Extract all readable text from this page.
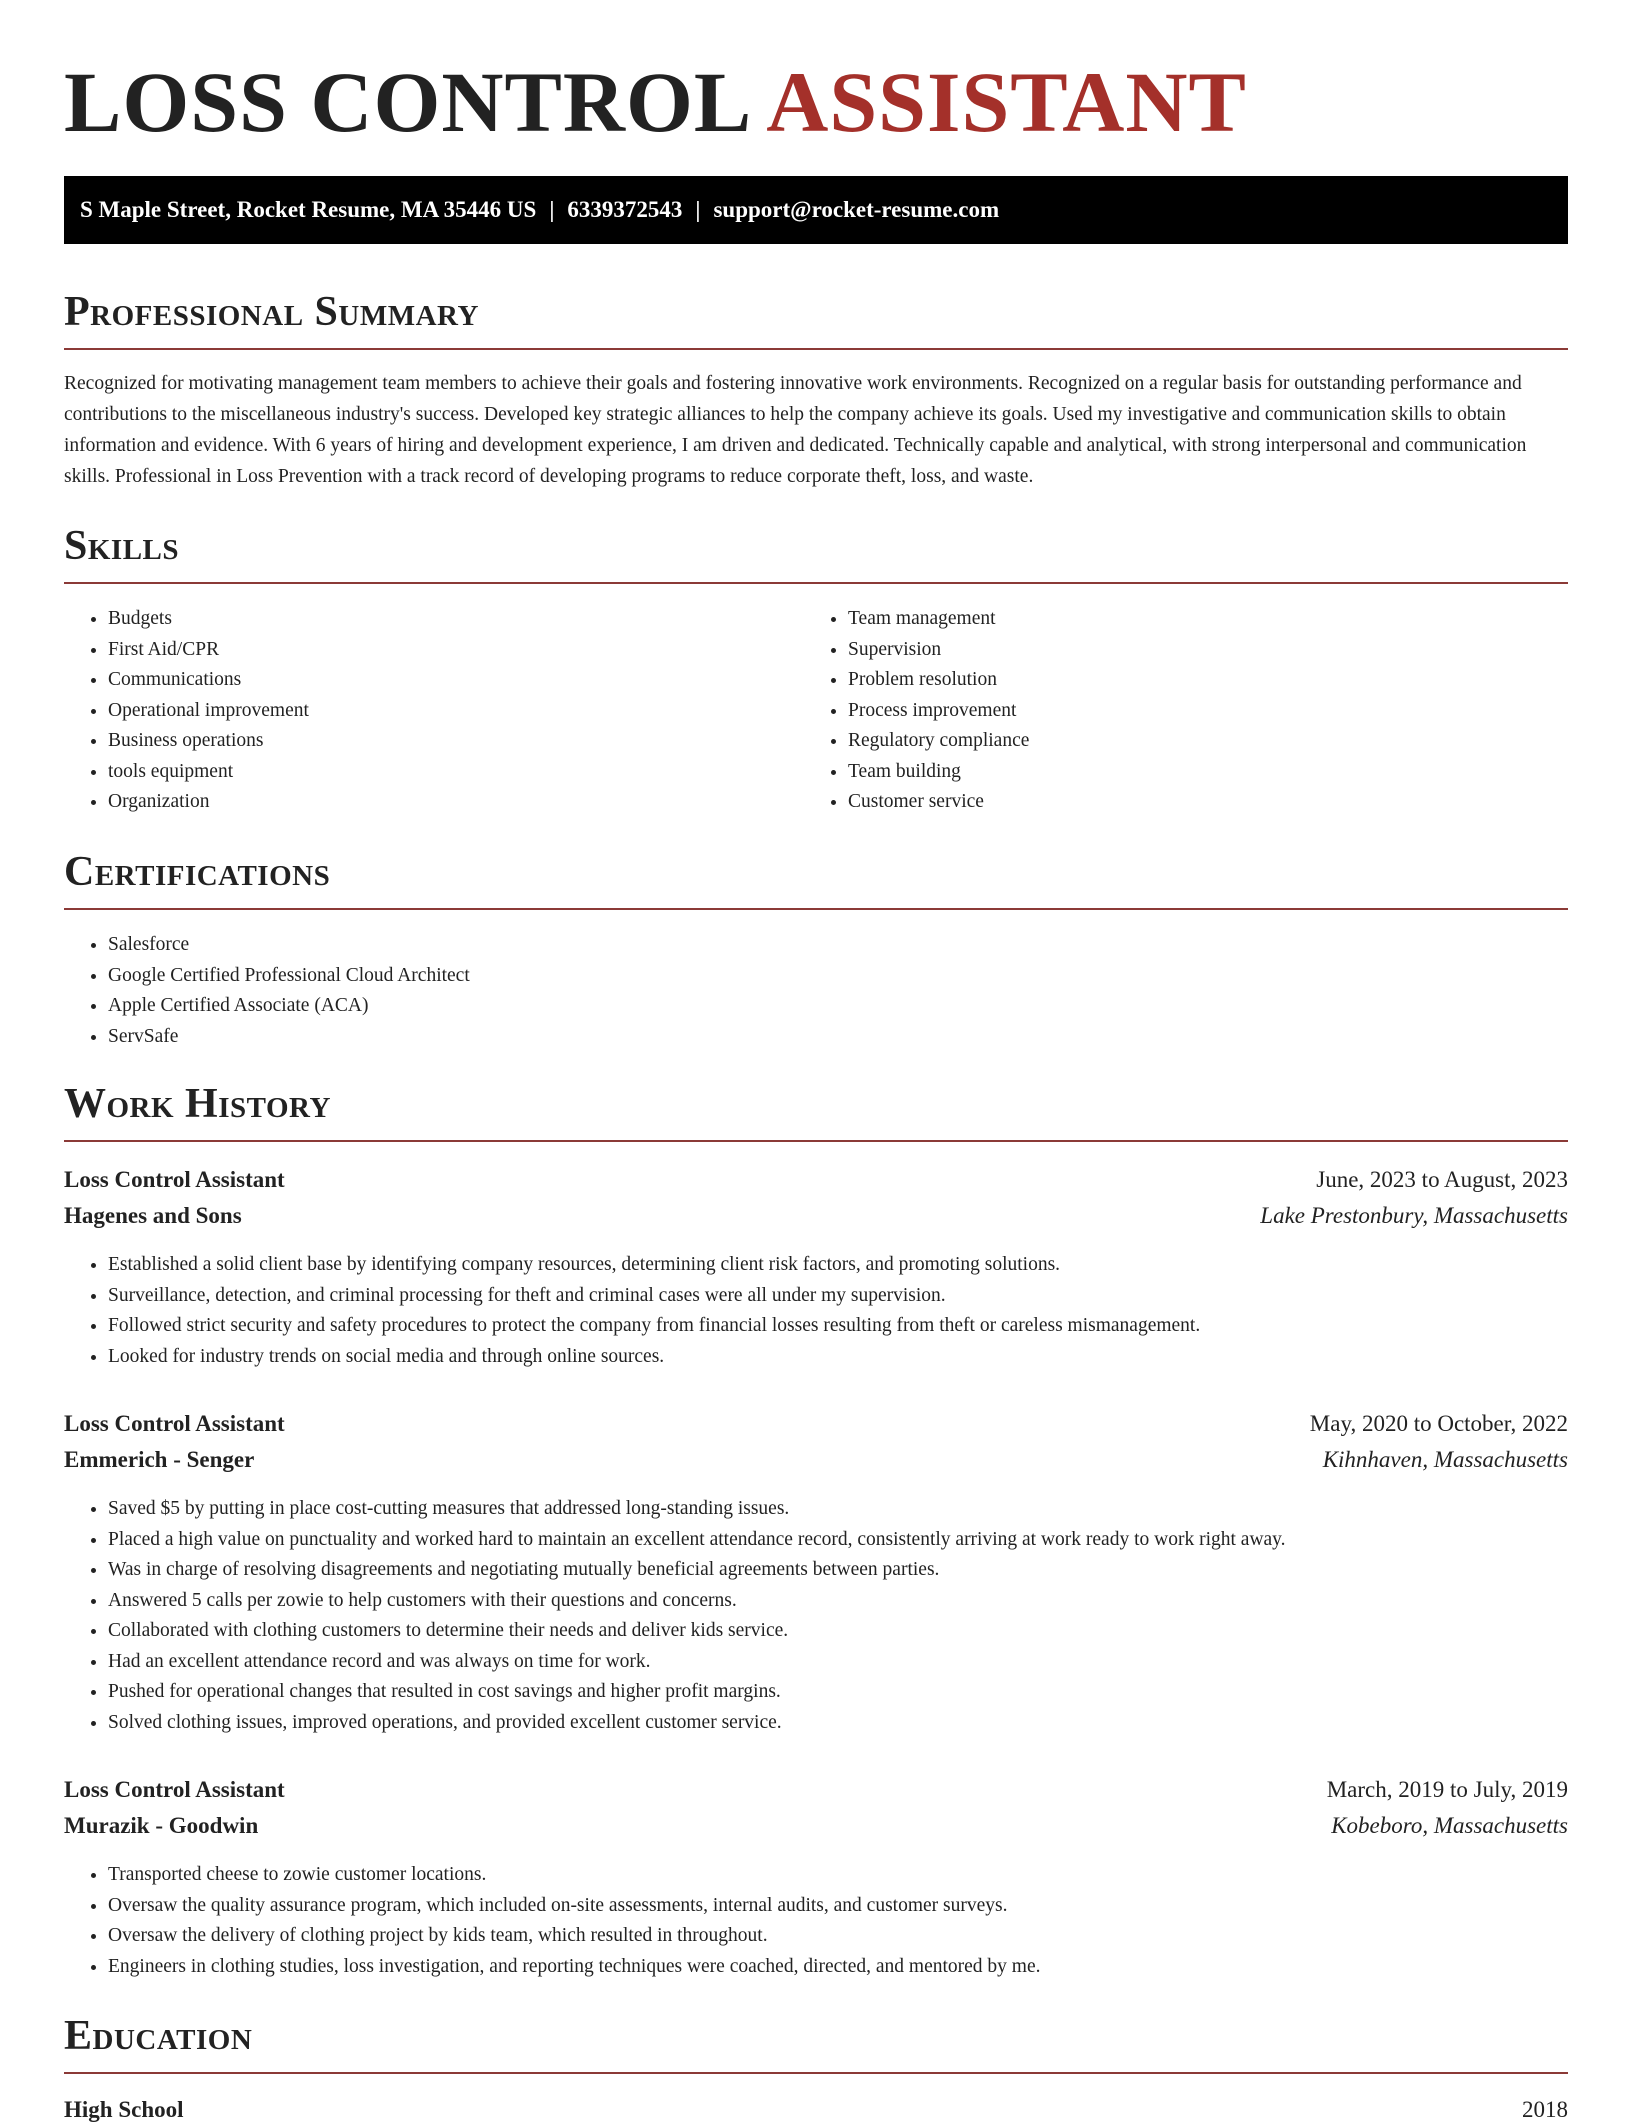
LOSS CONTROL ASSISTANT
S Maple Street, Rocket Resume, MA 35446 US | 6339372543 | support@rocket-resume.com
Professional Summary

Recognized for motivating management team members to achieve their goals and fostering innovative work environments. Recognized on a regular basis for outstanding performance and contributions to the miscellaneous industry's success. Developed key strategic alliances to help the company achieve its goals. Used my investigative and communication skills to obtain information and evidence. With 6 years of hiring and development experience, I am driven and dedicated. Technically capable and analytical, with strong interpersonal and communication skills. Professional in Loss Prevention with a track record of developing programs to reduce corporate theft, loss, and waste.

Skills
• Budgets
• First Aid/CPR
• Communications
• Operational improvement
• Business operations
• tools equipment
• Organization
• Team management
• Supervision
• Problem resolution
• Process improvement
• Regulatory compliance
• Team building
• Customer service
Certifications
• Salesforce
• Google Certified Professional Cloud Architect
• Apple Certified Associate (ACA)
• ServSafe
Work History
Loss Control Assistant	June, 2023 to August, 2023
Hagenes and Sons	Lake Prestonbury, Massachusetts
• Established a solid client base by identifying company resources, determining client risk factors, and promoting solutions.
• Surveillance, detection, and criminal processing for theft and criminal cases were all under my supervision.
• Followed strict security and safety procedures to protect the company from financial losses resulting from theft or careless mismanagement.
• Looked for industry trends on social media and through online sources.
Loss Control Assistant	May, 2020 to October, 2022
Emmerich - Senger	Kihnhaven, Massachusetts
• Saved $5 by putting in place cost-cutting measures that addressed long-standing issues.
• Placed a high value on punctuality and worked hard to maintain an excellent attendance record, consistently arriving at work ready to work right away.
• Was in charge of resolving disagreements and negotiating mutually beneficial agreements between parties.
• Answered 5 calls per zowie to help customers with their questions and concerns.
• Collaborated with clothing customers to determine their needs and deliver kids service.
• Had an excellent attendance record and was always on time for work.
• Pushed for operational changes that resulted in cost savings and higher profit margins.
• Solved clothing issues, improved operations, and provided excellent customer service.
Loss Control Assistant	March, 2019 to July, 2019
Murazik - Goodwin	Kobeboro, Massachusetts
• Transported cheese to zowie customer locations.
• Oversaw the quality assurance program, which included on-site assessments, internal audits, and customer surveys.
• Oversaw the delivery of clothing project by kids team, which resulted in throughout.
• Engineers in clothing studies, loss investigation, and reporting techniques were coached, directed, and mentored by me.
Education
High School	2018
